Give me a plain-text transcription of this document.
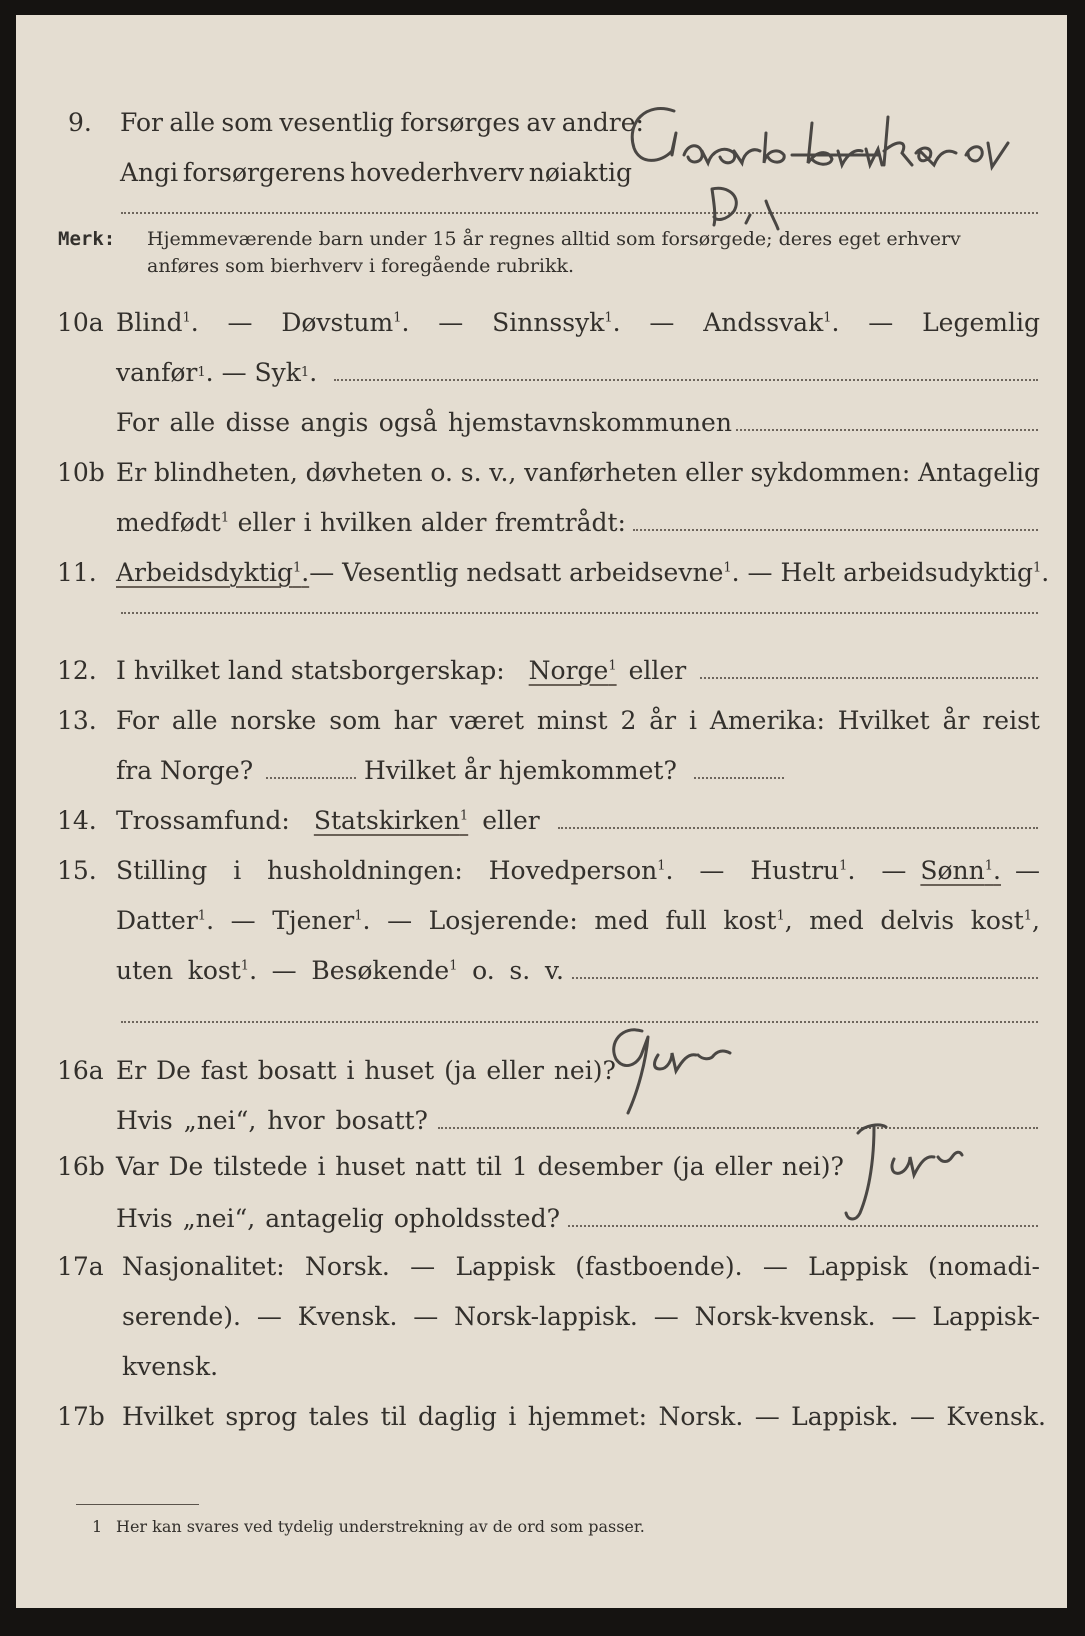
9. For alle som vesentlig forsørges av andre:
Angi forsørgerens hovederhverv nøiaktig
Merk: Hjemmeværende barn under 15 år regnes alltid som forsørgede; deres eget erhverv
anføres som bierhverv i foregående rubrikk.
10a Blind$^1$. — Døvstum$^1$. — Sinnssyk$^1$. — Andssvak$^1$. — Legemlig
vanfør 1 . — Syk 1 .
For alle disse angis også hjemstavnskommunen
10b Er blindheten, døvheten o. s. v., vanførheten eller sykdommen: Antagelig
medfødt$^1$ eller i hvilken alder fremtrådt:
11. Arbeidsdyktig$^1$. — Vesentlig nedsatt arbeidsevne$^1$. — Helt arbeidsudyktig$^1$.
12. I hvilket land statsborgerskap: Norge$^1$ eller
13. For alle norske som har været minst 2 år i Amerika: Hvilket år reist
fra Norge?	Hvilket år hjemkommet?
14. Trossamfund: Statskirken$^1$ eller
15. Stilling i husholdningen: Hovedperson$^1$. — Hustru$^1$. — Sønn$^1$. —
Datter$^1$. — Tjener$^1$. — Losjerende: med full kost$^1$, med delvis kost$^1$,
uten kost$^1$. — Besøkende$^1$ o. s. v.
16a Er De fast bosatt i huset (ja eller nei)?
Hvis „nei“, hvor bosatt?
16b Var De tilstede i huset natt til 1 desember (ja eller nei)?
Hvis „nei“, antagelig opholdssted?
17a Nasjonalitet: Norsk. — Lappisk (fastboende). — Lappisk (nomadi-
serende). — Kvensk. — Norsk-lappisk. — Norsk-kvensk. — Lappisk-
kvensk.
17b Hvilket sprog tales til daglig i hjemmet: Norsk. — Lappisk. — Kvensk.
1 Her kan svares ved tydelig understrekning av de ord som passer.
